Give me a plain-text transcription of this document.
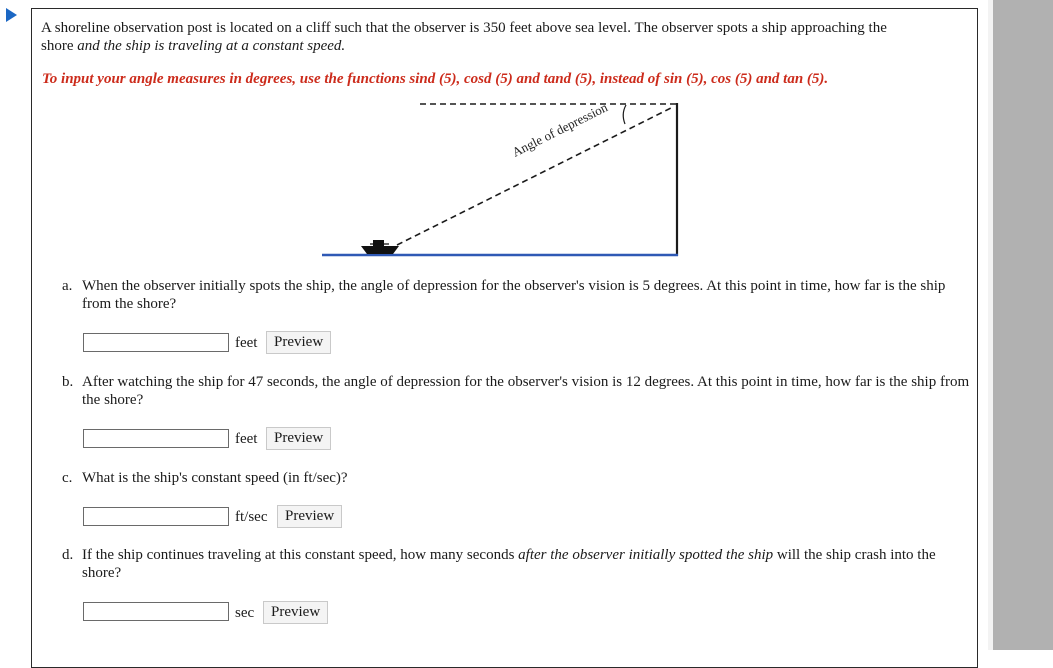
A shoreline observation post is located on a cliff such that the observer is 350 feet above sea level. The observer spots a ship approaching the
shore and the ship is traveling at a constant speed.
To input your angle measures in degrees, use the functions sind (5), cosd (5) and tand (5), instead of sin (5), cos (5) and tan (5).
Angle of depression
a. When the observer initially spots the ship, the angle of depression for the observer's vision is 5 degrees. At this point in time, how far is the ship from the shore?
feet	Preview
b. After watching the ship for 47 seconds, the angle of depression for the observer's vision is 12 degrees. At this point in time, how far is the ship from the shore?
feet	Preview
c. What is the ship's constant speed (in ft/sec)?
ft/sec	Preview
d. If the ship continues traveling at this constant speed, how many seconds after the observer initially spotted the ship will the ship crash into the shore?
sec	Preview
